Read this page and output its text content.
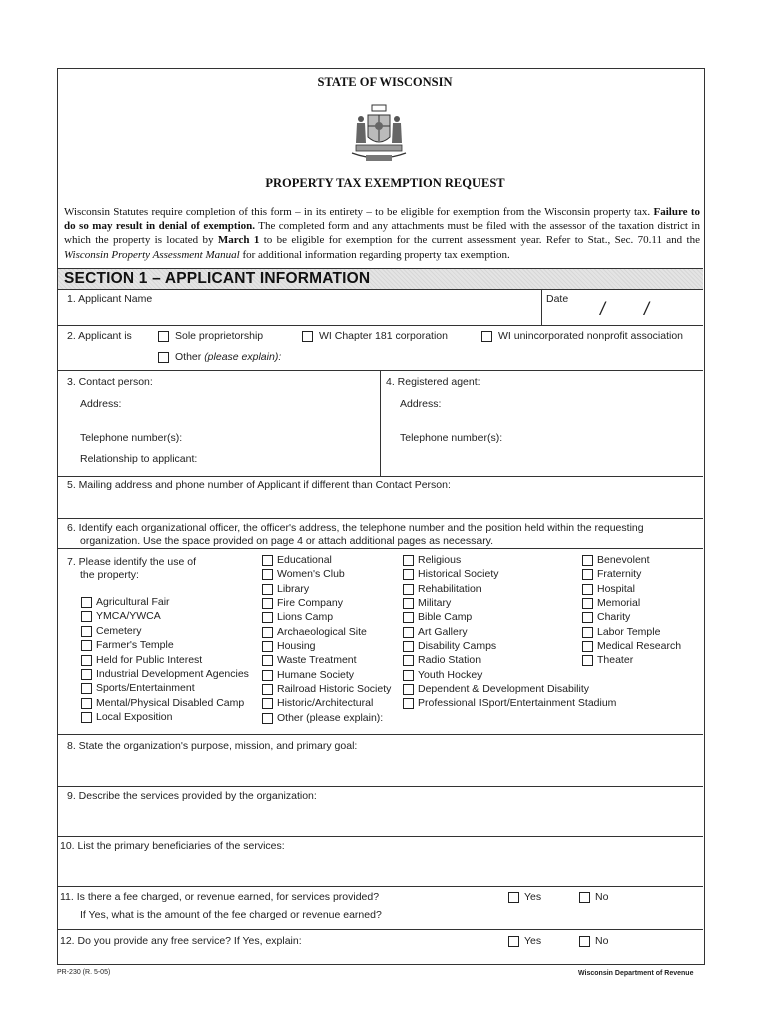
STATE OF WISCONSIN
PROPERTY TAX EXEMPTION REQUEST
Wisconsin Statutes require completion of this form – in its entirety – to be eligible for exemption from the Wisconsin property tax. Failure to do so may result in denial of exemption. The completed form and any attachments must be filed with the assessor of the taxation district in which the property is located by March 1 to be eligible for exemption for the current assessment year. Refer to Stat., Sec. 70.11 and the Wisconsin Property Assessment Manual for additional information regarding property tax exemption.
SECTION 1 – APPLICANT INFORMATION
1. Applicant Name	Date / /
2. Applicant is	Sole proprietorship	WI Chapter 181 corporation	WI unincorporated nonprofit association
Other (please explain):
3. Contact person:
Address:
Telephone number(s):
Relationship to applicant:
4. Registered agent:
Address:
Telephone number(s):
5. Mailing address and phone number of Applicant if different than Contact Person:
6. Identify each organizational officer, the officer's address, the telephone number and the position held within the requesting
organization. Use the space provided on page 4 or attach additional pages as necessary.
7. Please identify the use of
the property:
Agricultural Fair
YMCA/YWCA
Cemetery
Farmer's Temple
Held for Public Interest
Industrial Development Agencies
Sports/Entertainment
Mental/Physical Disabled Camp
Local Exposition
Educational
Women's Club
Library
Fire Company
Lions Camp
Archaeological Site
Housing
Waste Treatment
Humane Society
Railroad Historic Society
Historic/Architectural
Other (please explain):
Religious
Historical Society
Rehabilitation
Military
Bible Camp
Art Gallery
Disability Camps
Radio Station
Youth Hockey
Dependent & Development Disability
Professional ISport/Entertainment Stadium
Benevolent
Fraternity
Hospital
Memorial
Charity
Labor Temple
Medical Research
Theater
8. State the organization's purpose, mission, and primary goal:
9. Describe the services provided by the organization:
10. List the primary beneficiaries of the services:
11. Is there a fee charged, or revenue earned, for services provided?
If Yes, what is the amount of the fee charged or revenue earned?
Yes	No
12. Do you provide any free service? If Yes, explain:	Yes	No
PR-230 (R. 5-05)	Wisconsin Department of Revenue
